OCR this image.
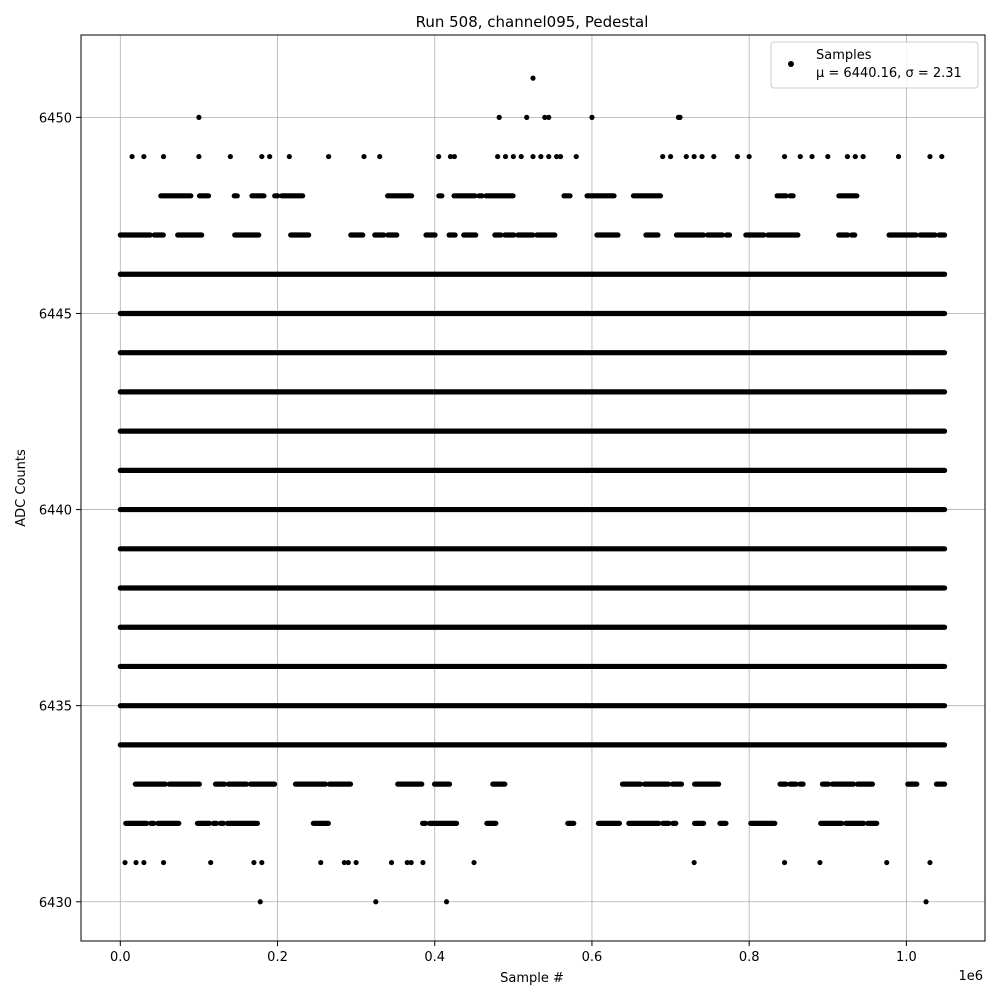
Run 508, channel095, Pedestal
0.0	0.2	0.4	0.6	0.8	1.0
6430
6435
6440
6445
6450
Sample #	1e6
ADC Counts
Samples
μ = 6440.16, σ = 2.31
